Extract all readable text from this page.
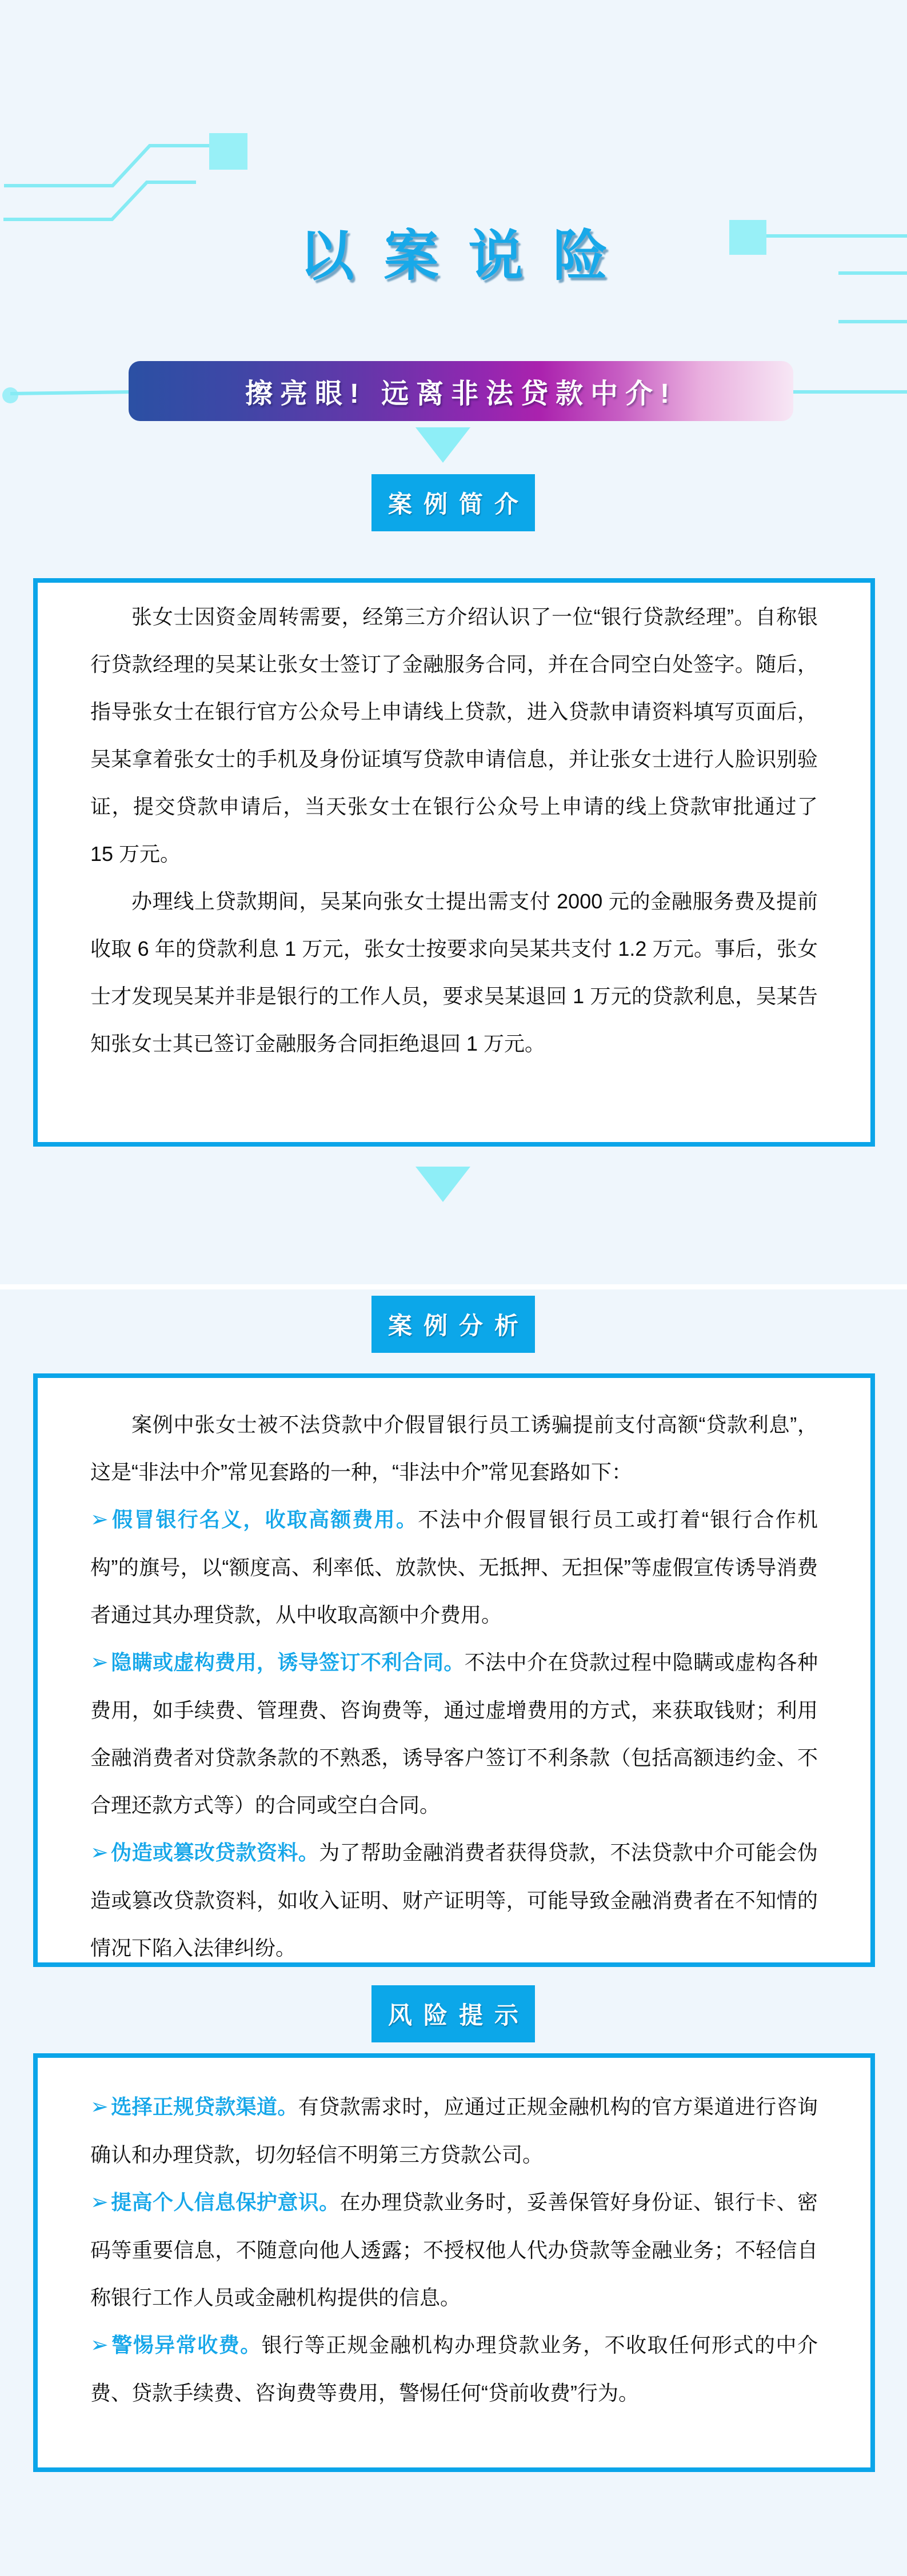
以案说险
擦亮眼! 远离非法贷款中介!
案例简介

张女士因资金周转需要，经第三方介绍认识了一位“银行贷款经理”。自称银行贷款经理的吴某让张女士签订了金融服务合同，并在合同空白处签字。随后，指导张女士在银行官方公众号上申请线上贷款，进入贷款申请资料填写页面后，吴某拿着张女士的手机及身份证填写贷款申请信息，并让张女士进行人脸识别验证，提交贷款申请后，当天张女士在银行公众号上申请的线上贷款审批通过了 15 万元。

办理线上贷款期间，吴某向张女士提出需支付 2000 元的金融服务费及提前收取 6 年的贷款利息 1 万元，张女士按要求向吴某共支付 1.2 万元。事后，张女士才发现吴某并非是银行的工作人员，要求吴某退回 1 万元的贷款利息，吴某告知张女士其已签订金融服务合同拒绝退回 1 万元。

案例分析

案例中张女士被不法贷款中介假冒银行员工诱骗提前支付高额“贷款利息”，这是“非法中介”常见套路的一种，“非法中介”常见套路如下：

➢ 假冒银行名义，收取高额费用。不法中介假冒银行员工或打着“银行合作机构”的旗号，以“额度高、利率低、放款快、无抵押、无担保”等虚假宣传诱导消费者通过其办理贷款，从中收取高额中介费用。

➢ 隐瞒或虚构费用，诱导签订不利合同。不法中介在贷款过程中隐瞒或虚构各种费用，如手续费、管理费、咨询费等，通过虚增费用的方式，来获取钱财；利用金融消费者对贷款条款的不熟悉，诱导客户签订不利条款（包括高额违约金、不合理还款方式等）的合同或空白合同。

➢ 伪造或篡改贷款资料。为了帮助金融消费者获得贷款，不法贷款中介可能会伪造或篡改贷款资料，如收入证明、财产证明等，可能导致金融消费者在不知情的情况下陷入法律纠纷。

风险提示

➢ 选择正规贷款渠道。有贷款需求时，应通过正规金融机构的官方渠道进行咨询确认和办理贷款，切勿轻信不明第三方贷款公司。

➢ 提高个人信息保护意识。在办理贷款业务时，妥善保管好身份证、银行卡、密码等重要信息，不随意向他人透露；不授权他人代办贷款等金融业务；不轻信自称银行工作人员或金融机构提供的信息。

➢ 警惕异常收费。银行等正规金融机构办理贷款业务，不收取任何形式的中介费、贷款手续费、咨询费等费用，警惕任何“贷前收费”行为。
